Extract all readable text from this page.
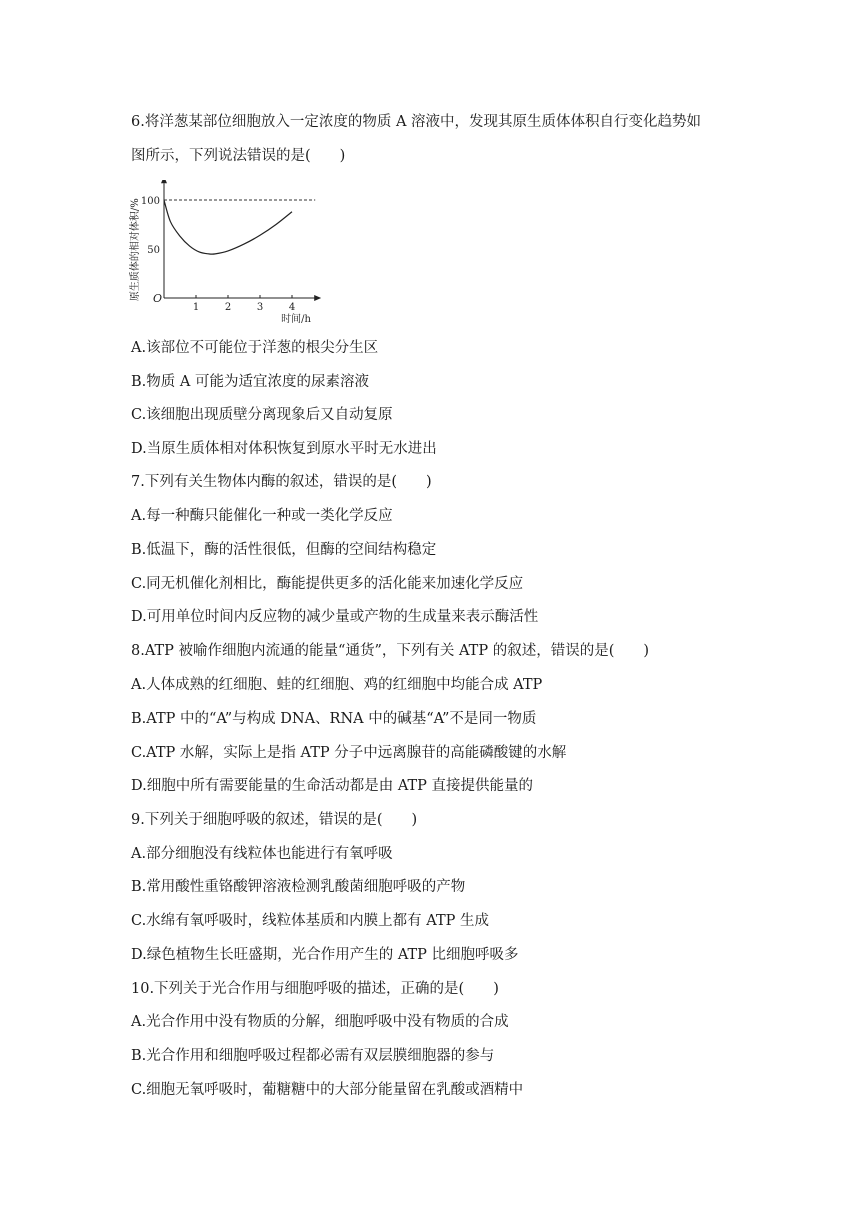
6.将洋葱某部位细胞放入一定浓度的物质 A 溶液中，发现其原生质体体积自行变化趋势如
图所示，下列说法错误的是(　　)
O
1	2	3	4
50
100
时间/h
原生质体的相对体积/%
A.该部位不可能位于洋葱的根尖分生区
B.物质 A 可能为适宜浓度的尿素溶液
C.该细胞出现质壁分离现象后又自动复原
D.当原生质体相对体积恢复到原水平时无水进出
7.下列有关生物体内酶的叙述，错误的是(　　)
A.每一种酶只能催化一种或一类化学反应
B.低温下，酶的活性很低，但酶的空间结构稳定
C.同无机催化剂相比，酶能提供更多的活化能来加速化学反应
D.可用单位时间内反应物的减少量或产物的生成量来表示酶活性
8.ATP 被喻作细胞内流通的能量“通货”，下列有关 ATP 的叙述，错误的是(　　)
A.人体成熟的红细胞、蛙的红细胞、鸡的红细胞中均能合成 ATP
B.ATP 中的“A”与构成 DNA、RNA 中的碱基“A”不是同一物质
C.ATP 水解，实际上是指 ATP 分子中远离腺苷的高能磷酸键的水解
D.细胞中所有需要能量的生命活动都是由 ATP 直接提供能量的
9.下列关于细胞呼吸的叙述，错误的是(　　)
A.部分细胞没有线粒体也能进行有氧呼吸
B.常用酸性重铬酸钾溶液检测乳酸菌细胞呼吸的产物
C.水绵有氧呼吸时，线粒体基质和内膜上都有 ATP 生成
D.绿色植物生长旺盛期，光合作用产生的 ATP 比细胞呼吸多
10.下列关于光合作用与细胞呼吸的描述，正确的是(　　)
A.光合作用中没有物质的分解，细胞呼吸中没有物质的合成
B.光合作用和细胞呼吸过程都必需有双层膜细胞器的参与
C.细胞无氧呼吸时，葡糖糖中的大部分能量留在乳酸或酒精中
